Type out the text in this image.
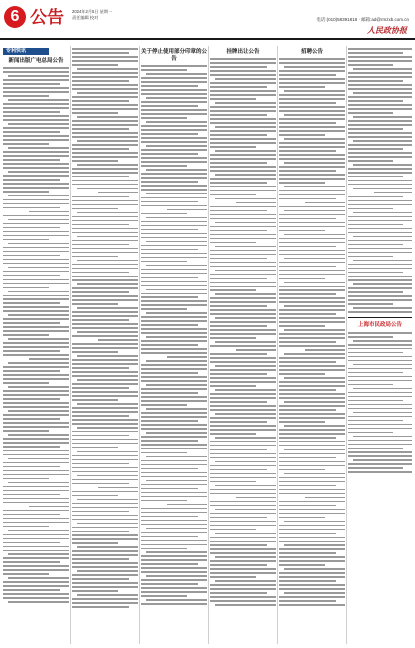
6 公告 2024年2月5日 星期一
责任编辑 校对	电话:(010)58391818 · 邮箱:ad@rmzxb.com.cn
人民政协报
专利快讯
新闻出版广电总局公告
关于停止使用部分印章的公告
挂牌出让公告	招聘公告
上海市民政局公告
